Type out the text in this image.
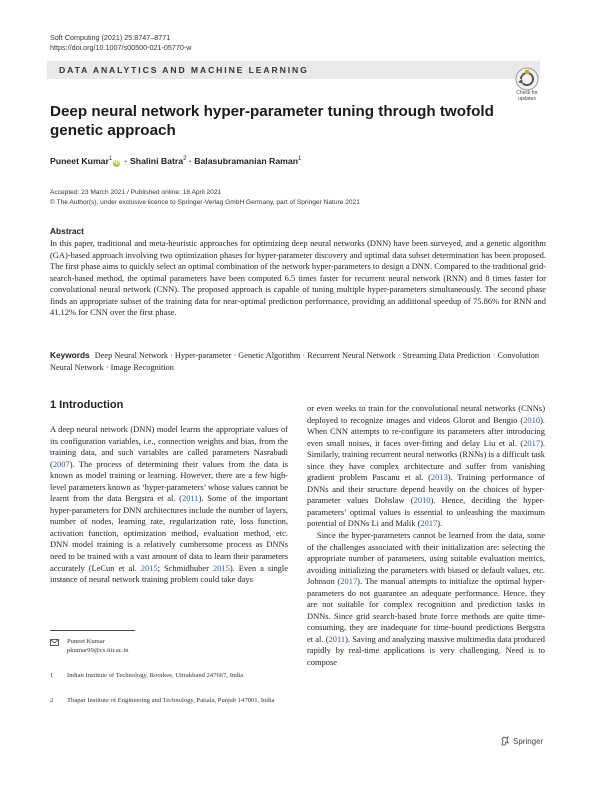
Soft Computing (2021) 25:8747–8771
https://doi.org/10.1007/s00500-021-05770-w
DATA ANALYTICS AND MACHINE LEARNING
Check for
updates
Deep neural network hyper-parameter tuning through twofold genetic approach
Puneet Kumar$^1$iD · Shalini Batra$^2$ · Balasubramanian Raman$^1$
Accepted: 23 March 2021 / Published online: 18 April 2021
© The Author(s), under exclusive licence to Springer-Verlag GmbH Germany, part of Springer Nature 2021
Abstract
In this paper, traditional and meta-heuristic approaches for optimizing deep neural networks (DNN) have been surveyed, and a genetic algorithm (GA)-based approach involving two optimization phases for hyper-parameter discovery and optimal data subset determination has been proposed. The first phase aims to quickly select an optimal combination of the network hyper-parameters to design a DNN. Compared to the traditional grid-search-based method, the optimal parameters have been computed 6.5 times faster for recurrent neural network (RNN) and 8 times faster for convolutional neural network (CNN). The proposed approach is capable of tuning multiple hyper-parameters simultaneously. The second phase finds an appropriate subset of the training data for near-optimal prediction performance, providing an additional speedup of 75.86% for RNN and 41.12% for CNN over the first phase.
Keywords Deep Neural Network · Hyper-parameter · Genetic Algorithm · Recurrent Neural Network · Streaming Data Prediction · Convolution Neural Network · Image Recognition
1 Introduction

A deep neural network (DNN) model learns the appropriate values of its configuration variables, i.e., connection weights and bias, from the training data, and such variables are called parameters Nasrabadi (2007). The process of determining their values from the data is known as model training or learning. However, there are a few high-level parameters known as ‘hyper-parameters’ whose values cannot be learnt from the data Bergstra et al. (2011). Some of the important hyper-parameters for DNN architectures include the number of layers, number of nodes, learning rate, regularization rate, loss function, activation function, optimization method, evaluation method, etc. DNN model training is a relatively cumbersome process as DNNs need to be trained with a vast amount of data to learn their parameters accurately (LeCun et al. 2015; Schmidhuber 2015). Even a single instance of neural network training problem could take days

or even weeks to train for the convolutional neural networks (CNNs) deployed to recognize images and videos Glorot and Bengio (2010). When CNN attempts to re-configure its parameters after introducing even small noises, it faces over-fitting and delay Liu et al. (2017). Similarly, training recurrent neural networks (RNNs) is a difficult task since they have complex architecture and suffer from vanishing gradient problem Pascanu et al. (2013). Training performance of DNNs and their structure depend heavily on the choices of hyper-parameter values Dobslaw (2010). Hence, deciding the hyper-parameters’ optimal values is essential to unleashing the maximum potential of DNNs Li and Malik (2017).

Since the hyper-parameters cannot be learned from the data, some of the challenges associated with their initialization are: selecting the appropriate number of parameters, using suitable evaluation metrics, avoiding initializing the parameters with biased or default values, etc. Johnson (2017). The manual attempts to initialize the optimal hyper-parameters do not guarantee an adequate performance. Hence, they are not suitable for complex recognition and prediction tasks in DNNs. Since grid search-based brute force methods are quite time-consuming, they are inadequate for time-bound predictions Bergstra et al. (2011). Saving and analyzing massive multimedia data produced rapidly by real-time applications is very challenging. Need is to compose

Puneet Kumar
pkumar99@cs.iitr.ac.in
1 Indian Institute of Technology, Roorkee, Uttrakhand 247667, India
2 Thapar Institute of Engineering and Technology, Patiala, Punjab 147001, India
Springer
